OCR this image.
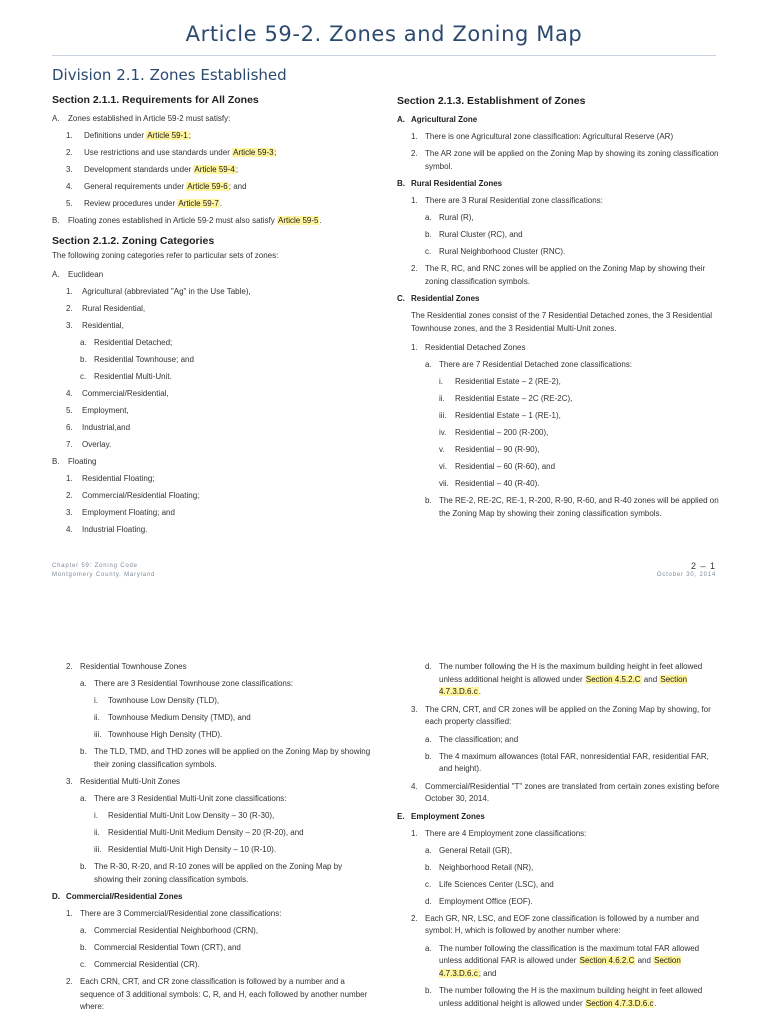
Article 59-2. Zones and Zoning Map
Division 2.1. Zones Established
Section 2.1.1. Requirements for All Zones
A.	Zones established in Article 59-2 must satisfy:
1.	Definitions under Article 59-1;
2.	Use restrictions and use standards under Article 59-3;
3.	Development standards under Article 59-4;
4.	General requirements under Article 59-6; and
5.	Review procedures under Article 59-7.
B.	Floating zones established in Article 59-2 must also satisfy Article 59-5.
Section 2.1.2. Zoning Categories
The following zoning categories refer to particular sets of zones:
A.	Euclidean
1.	Agricultural (abbreviated "Ag" in the Use Table),
2.	Rural Residential,
3.	Residential,
a. Residential Detached;
b. Residential Townhouse; and
c. Residential Multi-Unit.
4.	Commercial/Residential,
5.	Employment,
6.	Industrial,and
7.	Overlay.
B.	Floating
1.	Residential Floating;
2.	Commercial/Residential Floating;
3.	Employment Floating; and
4.	Industrial Floating.
Section 2.1.3. Establishment of Zones
A. Agricultural Zone
1. There is one Agricultural zone classification: Agricultural Reserve (AR)
2. The AR zone will be applied on the Zoning Map by showing its zoning classification symbol.
B. Rural Residential Zones
1. There are 3 Rural Residential zone classifications:
a. Rural (R),
b. Rural Cluster (RC), and
c. Rural Neighborhood Cluster (RNC).
2. The R, RC, and RNC zones will be applied on the Zoning Map by showing their zoning classification symbols.
C. Residential Zones
The Residential zones consist of the 7 Residential Detached zones, the 3 Residential Townhouse zones, and the 3 Residential Multi-Unit zones.
1. Residential Detached Zones
a. There are 7 Residential Detached zone classifications:
i.	Residential Estate – 2 (RE-2),
ii.	Residential Estate – 2C (RE-2C),
iii.	Residential Estate – 1 (RE-1),
iv.	Residential – 200 (R-200),
v.	Residential – 90 (R-90),
vi.	Residential – 60 (R-60), and
vii. Residential – 40 (R-40).
b. The RE-2, RE-2C, RE-1, R-200, R-90, R-60, and R-40 zones will be applied on the Zoning Map by showing their zoning classification symbols.
Chapter 59: Zoning Code
Montgomery County, Maryland
2 – 1
October 30, 2014
2. Residential Townhouse Zones
a. There are 3 Residential Townhouse zone classifications:
i.	Townhouse Low Density (TLD),
ii.	Townhouse Medium Density (TMD), and
iii. Townhouse High Density (THD).
b. The TLD, TMD, and THD zones will be applied on the Zoning Map by showing their zoning classification symbols.
3. Residential Multi-Unit Zones
a. There are 3 Residential Multi-Unit zone classifications:
i.	Residential Multi-Unit Low Density – 30 (R-30),
ii.	Residential Multi-Unit Medium Density – 20 (R-20), and
iii. Residential Multi-Unit High Density – 10 (R-10).
b. The R-30, R-20, and R-10 zones will be applied on the Zoning Map by showing their zoning classification symbols.
D. Commercial/Residential Zones
1. There are 3 Commercial/Residential zone classifications:
a. Commercial Residential Neighborhood (CRN),
b. Commercial Residential Town (CRT), and
c. Commercial Residential (CR).
2. Each CRN, CRT, and CR zone classification is followed by a number and a sequence of 3 additional symbols: C, R, and H, each followed by another number where:
d. The number following the H is the maximum building height in feet allowed unless additional height is allowed under Section 4.5.2.C and Section 4.7.3.D.6.c.
3. The CRN, CRT, and CR zones will be applied on the Zoning Map by showing, for each property classified:
a. The classification; and
b. The 4 maximum allowances (total FAR, nonresidential FAR, residential FAR, and height).
4. Commercial/Residential "T" zones are translated from certain zones existing before October 30, 2014.
E. Employment Zones
1. There are 4 Employment zone classifications:
a. General Retail (GR),
b. Neighborhood Retail (NR),
c. Life Sciences Center (LSC), and
d. Employment Office (EOF).
2. Each GR, NR, LSC, and EOF zone classification is followed by a number and symbol: H, which is followed by another number where:
a. The number following the classification is the maximum total FAR allowed unless additional FAR is allowed under Section 4.6.2.C and Section 4.7.3.D.6.c; and
b. The number following the H is the maximum building height in feet allowed unless additional height is allowed under Section 4.7.3.D.6.c.
